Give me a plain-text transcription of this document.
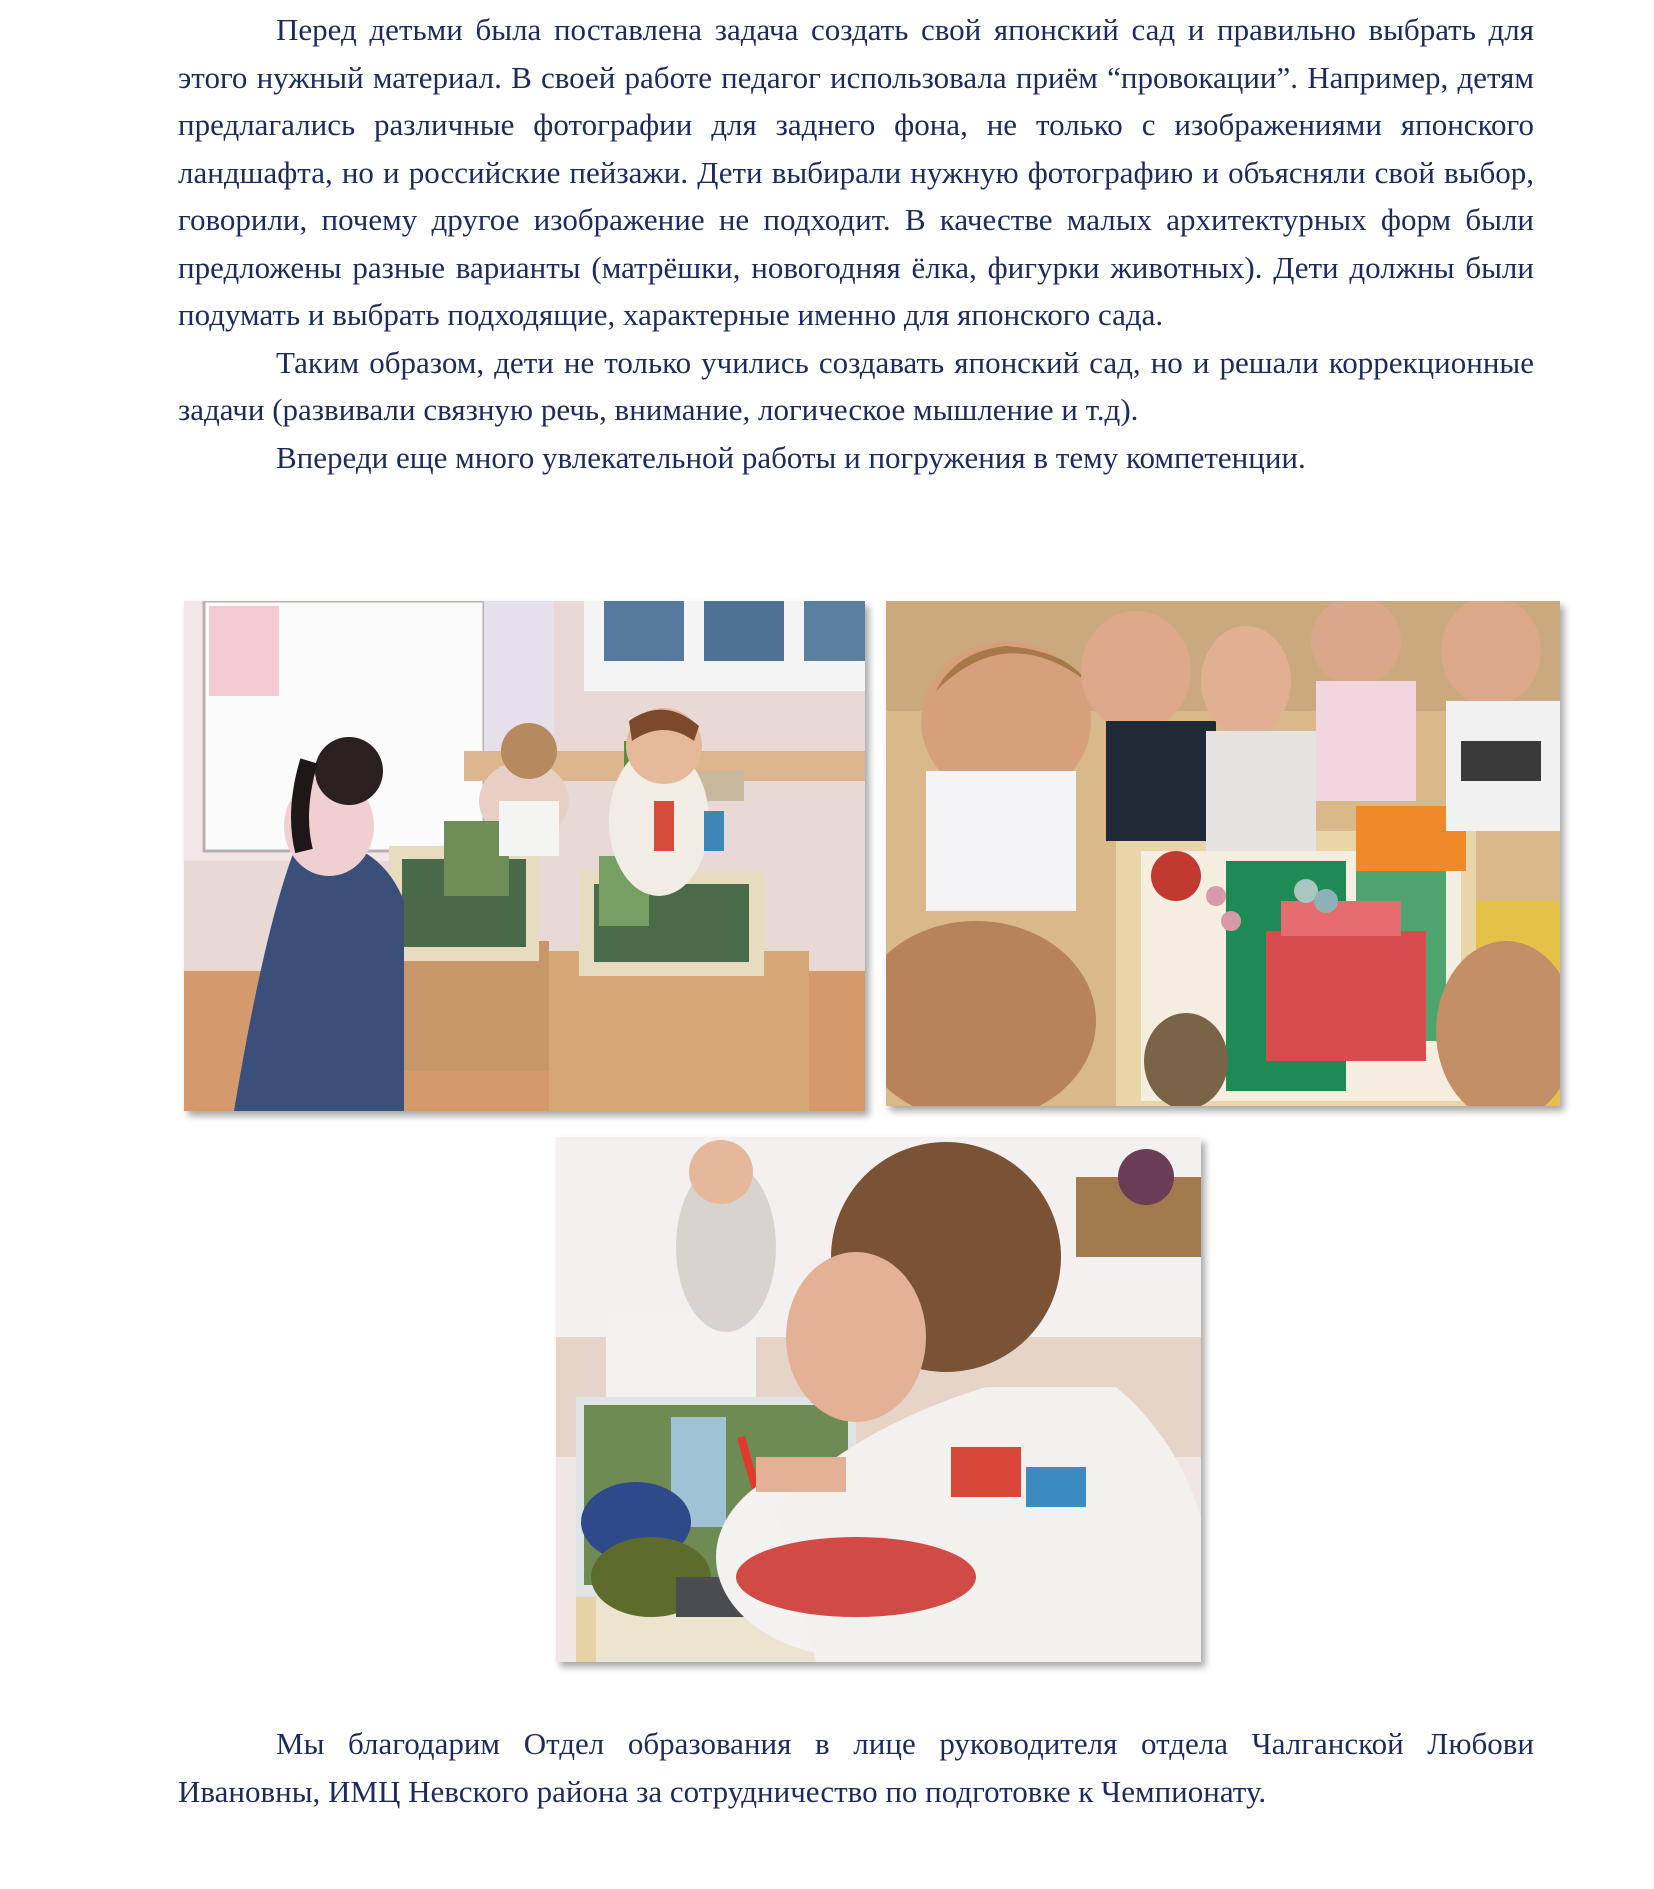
Перед детьми была поставлена задача создать свой японский сад и правильно выбрать для этого нужный материал. В своей работе педагог использовала приём “провокации”. Например, детям предлагались различные фотографии для заднего фона, не только с изображениями японского ландшафта, но и российские пейзажи. Дети выбирали нужную фотографию и объясняли свой выбор, говорили, почему другое изображение не подходит. В качестве малых архитектурных форм были предложены разные варианты (матрёшки, новогодняя ёлка, фигурки животных). Дети должны были подумать и выбрать подходящие, характерные именно для японского сада.

Таким образом, дети не только учились создавать японский сад, но и решали коррекционные задачи (развивали связную речь, внимание, логическое мышление и т.д).

Впереди еще много увлекательной работы и погружения в тему компетенции.

Мы благодарим Отдел образования в лице руководителя отдела Чалганской Любови Ивановны, ИМЦ Невского района за сотрудничество по подготовке к Чемпионату.
